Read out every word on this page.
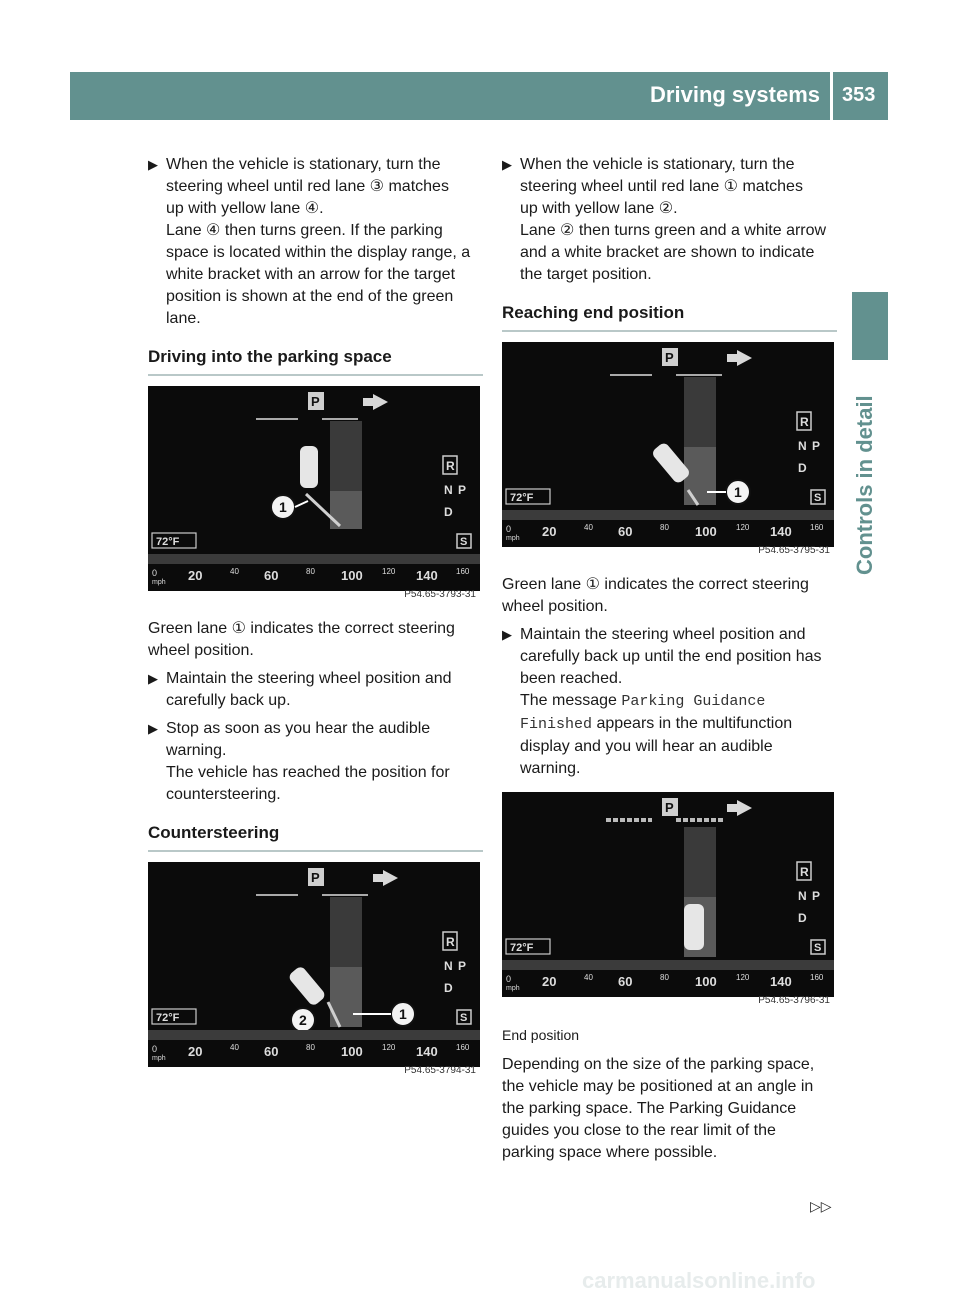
Driving systems 353
Controls in detail
▶ When the vehicle is stationary, turn the
steering wheel until red lane ③ matches
up with yellow lane ④.
Lane ④ then turns green. If the parking
space is located within the display range, a
white bracket with an arrow for the target
position is shown at the end of the green
lane.
Driving into the parking space
P
1
R
N P
D
S
72°F
0
mph 20	40 60	80 100 120 140 160
P54.65-3793-31

Green lane ① indicates the correct steering wheel position.

▶ Maintain the steering wheel position and carefully back up.
▶ Stop as soon as you hear the audible
warning.
The vehicle has reached the position for
countersteering.
Countersteering
P
2	1
R
N P
D
S
72°F
0
mph 20	40 60	80 100 120 140 160
P54.65-3794-31
▶ When the vehicle is stationary, turn the
steering wheel until red lane ① matches
up with yellow lane ②.
Lane ② then turns green and a white arrow
and a white bracket are shown to indicate
the target position.
Reaching end position
P
1
R
N P
D
S
72°F
0
mph 20	40 60	80 100 120 140 160
P54.65-3795-31

Green lane ① indicates the correct steering wheel position.

▶ Maintain the steering wheel position and
carefully back up until the end position has
been reached.
The message Parking Guidance
Finished appears in the multifunction
display and you will hear an audible
warning.
P
R
N P
D
S
72°F
0
mph 20	40 60	80 100 120 140 160
P54.65-3796-31
End position

Depending on the size of the parking space,
the vehicle may be positioned at an angle in
the parking space. The Parking Guidance
guides you close to the rear limit of the
parking space where possible.

▷▷
carmanualsonline.info
